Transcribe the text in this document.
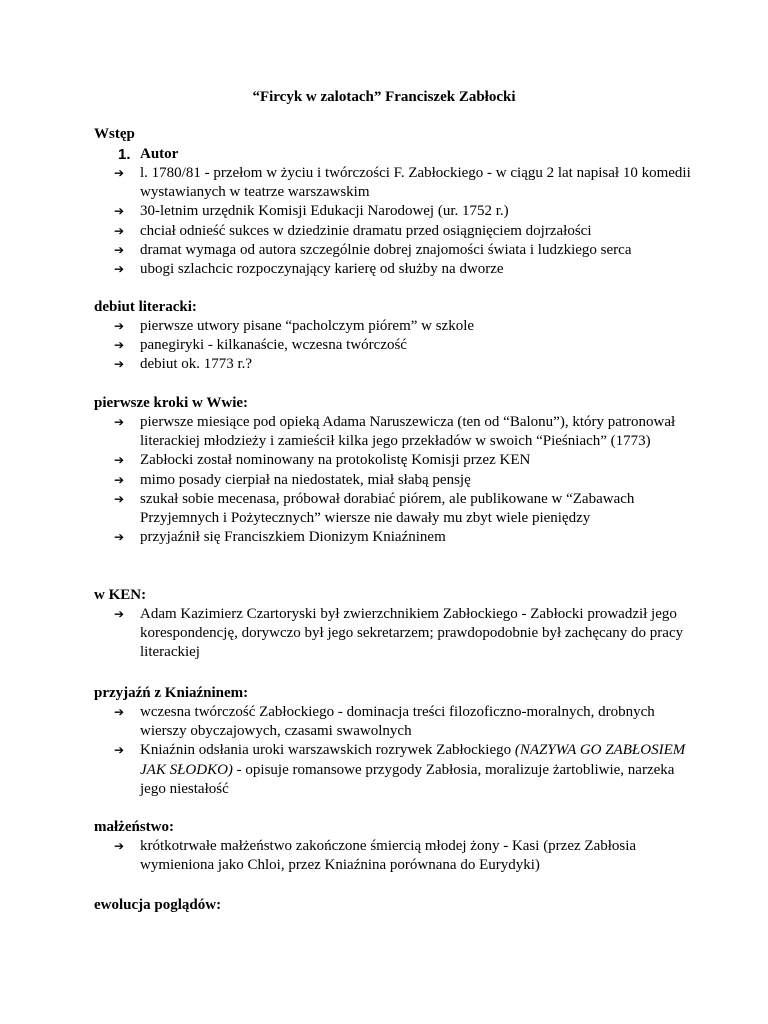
“Fircyk w zalotach” Franciszek Zabłocki
Wstęp
1. Autor
➔	l. 1780/81 - przełom w życiu i twórczości F. Zabłockiego - w ciągu 2 lat napisał 10 komedii wystawianych w teatrze warszawskim
➔	30-letnim urzędnik Komisji Edukacji Narodowej (ur. 1752 r.)
➔	chciał odnieść sukces w dziedzinie dramatu przed osiągnięciem dojrzałości
➔	dramat wymaga od autora szczególnie dobrej znajomości świata i ludzkiego serca
➔	ubogi szlachcic rozpoczynający karierę od służby na dworze
debiut literacki:
➔	pierwsze utwory pisane “pacholczym piórem” w szkole
➔	panegiryki - kilkanaście, wczesna twórczość
➔	debiut ok. 1773 r.?
pierwsze kroki w Wwie:
➔	pierwsze miesiące pod opieką Adama Naruszewicza (ten od “Balonu”), który patronował literackiej młodzieży i zamieścił kilka jego przekładów w swoich “Pieśniach” (1773)
➔	Zabłocki został nominowany na protokolistę Komisji przez KEN
➔	mimo posady cierpiał na niedostatek, miał słabą pensję
➔	szukał sobie mecenasa, próbował dorabiać piórem, ale publikowane w “Zabawach Przyjemnych i Pożytecznych” wiersze nie dawały mu zbyt wiele pieniędzy
➔	przyjaźnił się Franciszkiem Dionizym Kniaźninem
w KEN:
➔	Adam Kazimierz Czartoryski był zwierzchnikiem Zabłockiego - Zabłocki prowadził jego korespondencję, dorywczo był jego sekretarzem; prawdopodobnie był zachęcany do pracy literackiej
przyjaźń z Kniaźninem:
➔	wczesna twórczość Zabłockiego - dominacja treści filozoficzno-moralnych, drobnych wierszy obyczajowych, czasami swawolnych
➔	Kniaźnin odsłania uroki warszawskich rozrywek Zabłockiego (NAZYWA GO ZABŁOSIEM JAK SŁODKO) - opisuje romansowe przygody Zabłosia, moralizuje żartobliwie, narzeka jego niestałość
małżeństwo:
➔	krótkotrwałe małżeństwo zakończone śmiercią młodej żony - Kasi (przez Zabłosia wymieniona jako Chloi, przez Kniaźnina porównana do Eurydyki)
ewolucja poglądów:
